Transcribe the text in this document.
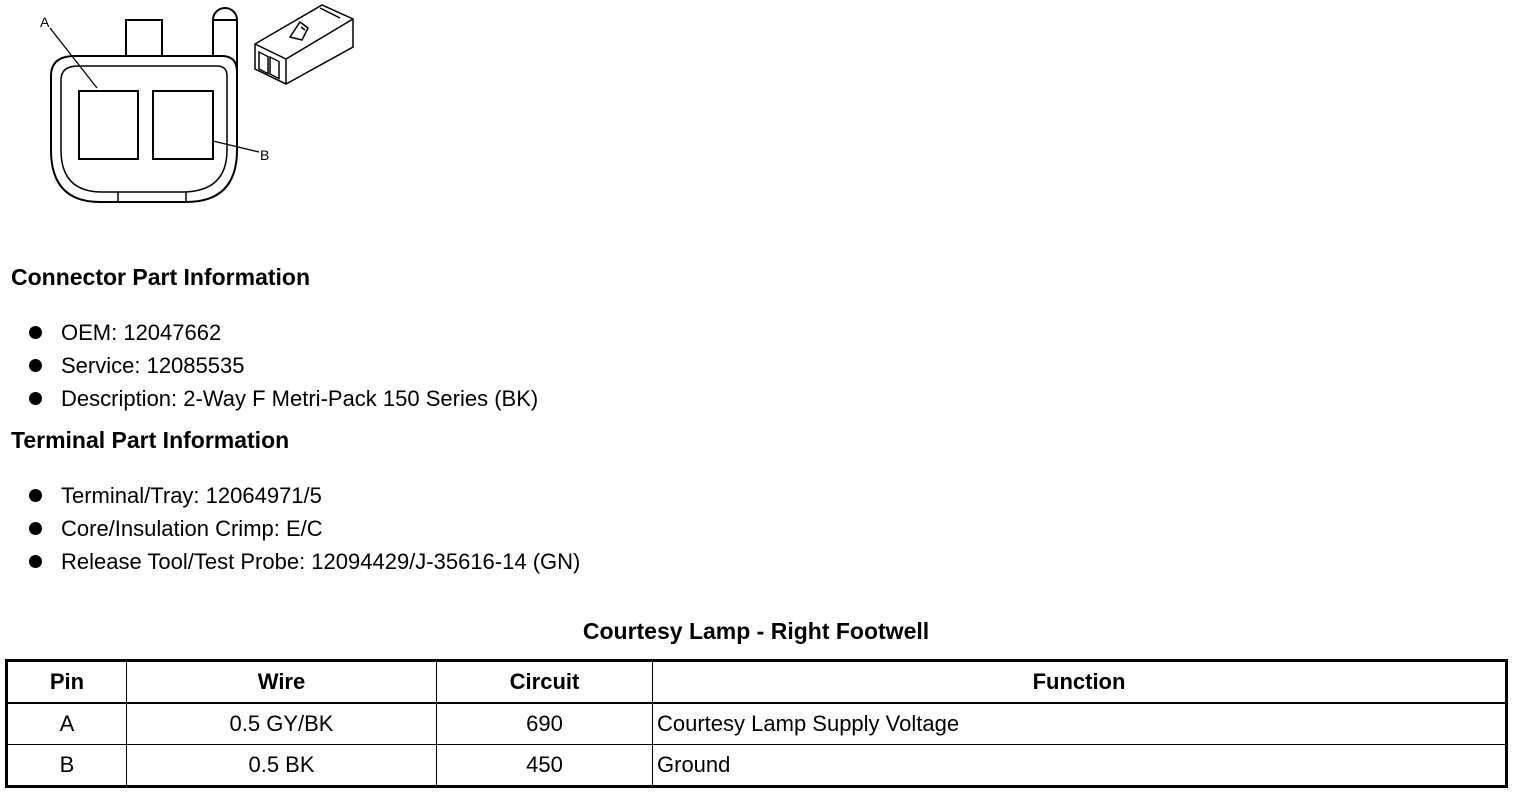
A
B
Connector Part Information
OEM: 12047662
Service: 12085535
Description: 2-Way F Metri-Pack 150 Series (BK)
Terminal Part Information
Terminal/Tray: 12064971/5
Core/Insulation Crimp: E/C
Release Tool/Test Probe: 12094429/J-35616-14 (GN)
Courtesy Lamp - Right Footwell
Pin	Wire	Circuit	Function
A	0.5 GY/BK	690	Courtesy Lamp Supply Voltage
B	0.5 BK	450	Ground
